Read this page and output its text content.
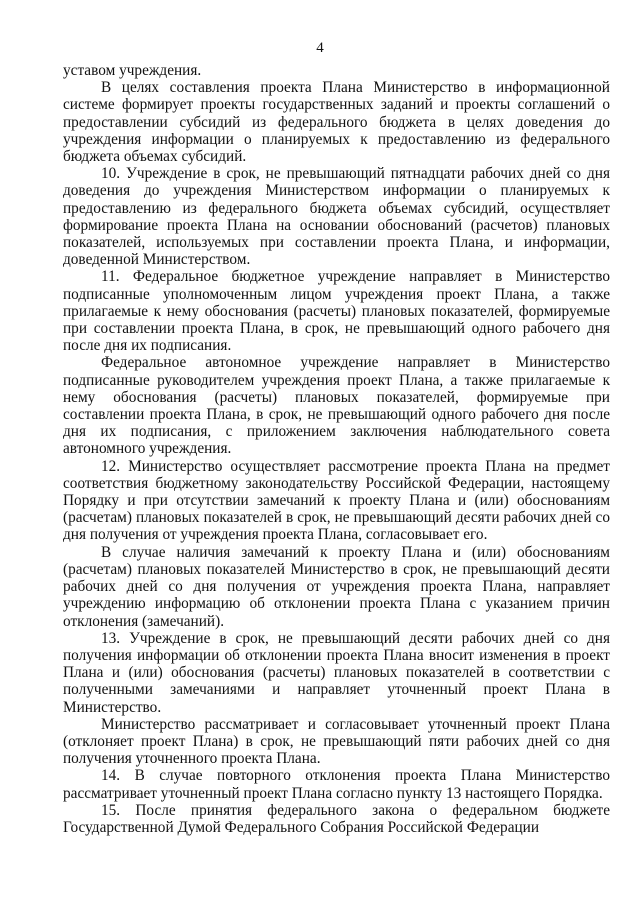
4

уставом учреждения.

В целях составления проекта Плана Министерство в информационной системе формирует проекты государственных заданий и проекты соглашений о предоставлении субсидий из федерального бюджета в целях доведения до учреждения информации о планируемых к предоставлению из федерального бюджета объемах субсидий.

10. Учреждение в срок, не превышающий пятнадцати рабочих дней со дня доведения до учреждения Министерством информации о планируемых к предоставлению из федерального бюджета объемах субсидий, осуществляет формирование проекта Плана на основании обоснований (расчетов) плановых показателей, используемых при составлении проекта Плана, и информации, доведенной Министерством.

11. Федеральное бюджетное учреждение направляет в Министерство подписанные уполномоченным лицом учреждения проект Плана, а также прилагаемые к нему обоснования (расчеты) плановых показателей, формируемые при составлении проекта Плана, в срок, не превышающий одного рабочего дня после дня их подписания.

Федеральное автономное учреждение направляет в Министерство подписанные руководителем учреждения проект Плана, а также прилагаемые к нему обоснования (расчеты) плановых показателей, формируемые при составлении проекта Плана, в срок, не превышающий одного рабочего дня после дня их подписания, с приложением заключения наблюдательного совета автономного учреждения.

12. Министерство осуществляет рассмотрение проекта Плана на предмет соответствия бюджетному законодательству Российской Федерации, настоящему Порядку и при отсутствии замечаний к проекту Плана и (или) обоснованиям (расчетам) плановых показателей в срок, не превышающий десяти рабочих дней со дня получения от учреждения проекта Плана, согласовывает его.

В случае наличия замечаний к проекту Плана и (или) обоснованиям (расчетам) плановых показателей Министерство в срок, не превышающий десяти рабочих дней со дня получения от учреждения проекта Плана, направляет учреждению информацию об отклонении проекта Плана с указанием причин отклонения (замечаний).

13. Учреждение в срок, не превышающий десяти рабочих дней со дня получения информации об отклонении проекта Плана вносит изменения в проект Плана и (или) обоснования (расчеты) плановых показателей в соответствии с полученными замечаниями и направляет уточненный проект Плана в Министерство.

Министерство рассматривает и согласовывает уточненный проект Плана (отклоняет проект Плана) в срок, не превышающий пяти рабочих дней со дня получения уточненного проекта Плана.

14. В случае повторного отклонения проекта Плана Министерство рассматривает уточненный проект Плана согласно пункту 13 настоящего Порядка.

15. После принятия федерального закона о федеральном бюджете Государственной Думой Федерального Собрания Российской Федерации
